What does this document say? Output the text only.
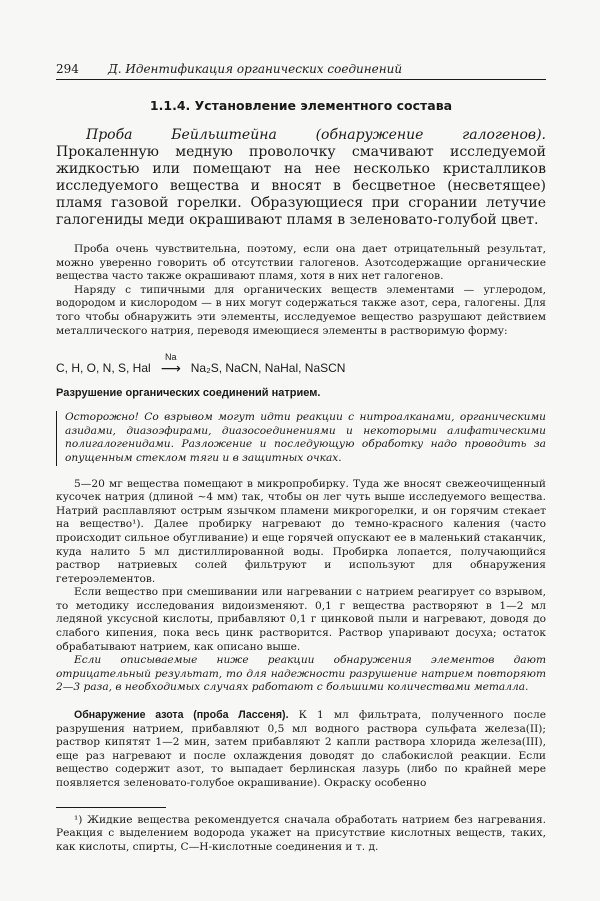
294	Д. Идентификация органических соединений
1.1.4. Установление элементного состава

Проба Бейльштейна (обнаружение галогенов). Прокаленную медную проволочку смачивают исследуемой жидкостью или помещают на нее несколько кристалликов исследуемого вещества и вносят в бесцветное (несветящее) пламя газовой горелки. Образующиеся при сгорании летучие галогениды меди окрашивают пламя в зеленовато-голубой цвет.

Проба очень чувствительна, поэтому, если она дает отрицательный результат, можно уверенно говорить об отсутствии галогенов. Азотсодержащие органические вещества часто также окрашивают пламя, хотя в них нет галогенов.

Наряду с типичными для органических веществ элементами — углеродом, водородом и кислородом — в них могут содержаться также азот, сера, галогены. Для того чтобы обнаружить эти элементы, исследуемое вещество разрушают действием металлического натрия, переводя имеющиеся элементы в растворимую форму:

C, H, O, N, S, Hal
Na
⟶ Na₂S, NaCN, NaHal, NaSCN
Разрушение органических соединений натрием.
Осторожно! Со взрывом могут идти реакции с нитроалканами, органическими азидами, диазоэфирами, диазосоединениями и некоторыми алифатическими полигалогенидами. Разложение и последующую обработку надо проводить за опущенным стеклом тяги и в защитных очках.

5—20 мг вещества помещают в микропробирку. Туда же вносят свежеочищенный кусочек натрия (длиной ∼4 мм) так, чтобы он лег чуть выше исследуемого вещества. Натрий расплавляют острым язычком пламени микрогорелки, и он горячим стекает на вещество¹). Далее пробирку нагревают до темно-красного каления (часто происходит сильное обугливание) и еще горячей опускают ее в маленький стаканчик, куда налито 5 мл дистиллированной воды. Пробирка лопается, получающийся раствор натриевых солей фильтруют и используют для обнаружения гетероэлементов.

Если вещество при смешивании или нагревании с натрием реагирует со взрывом, то методику исследования видоизменяют. 0,1 г вещества растворяют в 1—2 мл ледяной уксусной кислоты, прибавляют 0,1 г цинковой пыли и нагревают, доводя до слабого кипения, пока весь цинк растворится. Раствор упаривают досуха; остаток обрабатывают натрием, как описано выше.

Если описываемые ниже реакции обнаружения элементов дают отрицательный результат, то для надежности разрушение натрием повторяют 2—3 раза, в необходимых случаях работают с большими количествами металла.

Обнаружение азота (проба Лассеня). К 1 мл фильтрата, полученного после разрушения натрием, прибавляют 0,5 мл водного раствора сульфата железа(II); раствор кипятят 1—2 мин, затем прибавляют 2 капли раствора хлорида железа(III), еще раз нагревают и после охлаждения доводят до слабокислой реакции. Если вещество содержит азот, то выпадает берлинская лазурь (либо по крайней мере появляется зеленовато-голубое окрашивание). Окраску особенно

¹) Жидкие вещества рекомендуется сначала обработать натрием без нагревания. Реакция с выделением водорода укажет на присутствие кислотных веществ, таких, как кислоты, спирты, С—Н-кислотные соединения и т. д.
